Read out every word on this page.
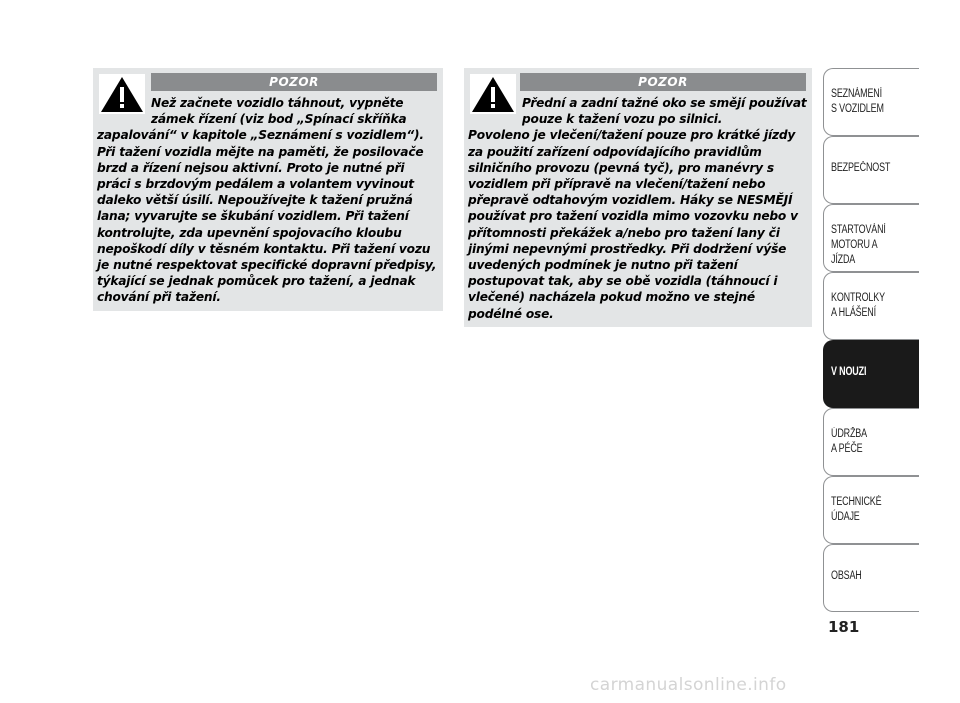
POZOR

Než začnete vozidlo táhnout, vypněte zámek řízení (viz bod „Spínací skříňka

zapalování“ v kapitole „Seznámení s vozidlem“). Při tažení vozidla mějte na paměti, že posilovače brzd a řízení nejsou aktivní. Proto je nutné při práci s brzdovým pedálem a volantem vyvinout daleko větší úsilí. Nepoužívejte k tažení pružná lana; vyvarujte se škubání vozidlem. Při tažení kontrolujte, zda upevnění spojovacího kloubu nepoškodí díly v těsném kontaktu. Při tažení vozu je nutné respektovat specifické dopravní předpisy, týkající se jednak pomůcek pro tažení, a jednak chování při tažení.

POZOR

Přední a zadní tažné oko se smějí používat pouze k tažení vozu po silnici.

Povoleno je vlečení/tažení pouze pro krátké jízdy za použití zařízení odpovídajícího pravidlům silničního provozu (pevná tyč), pro manévry s vozidlem při přípravě na vlečení/tažení nebo přepravě odtahovým vozidlem. Háky se NESMĚJÍ používat pro tažení vozidla mimo vozovku nebo v přítomnosti překážek a/nebo pro tažení lany či jinými nepevnými prostředky. Při dodržení výše uvedených podmínek je nutno při tažení postupovat tak, aby se obě vozidla (táhnoucí i vlečené) nacházela pokud možno ve stejné podélné ose.

SEZNÁMENÍ
S VOZIDLEM
BEZPEČNOST
STARTOVÁNÍ
MOTORU A JÍZDA
KONTROLKY
A HLÁŠENÍ
V NOUZI
ÚDRŽBA
A PÉČE
TECHNICKÉ
ÚDAJE
OBSAH
181
carmanualsonline.info
